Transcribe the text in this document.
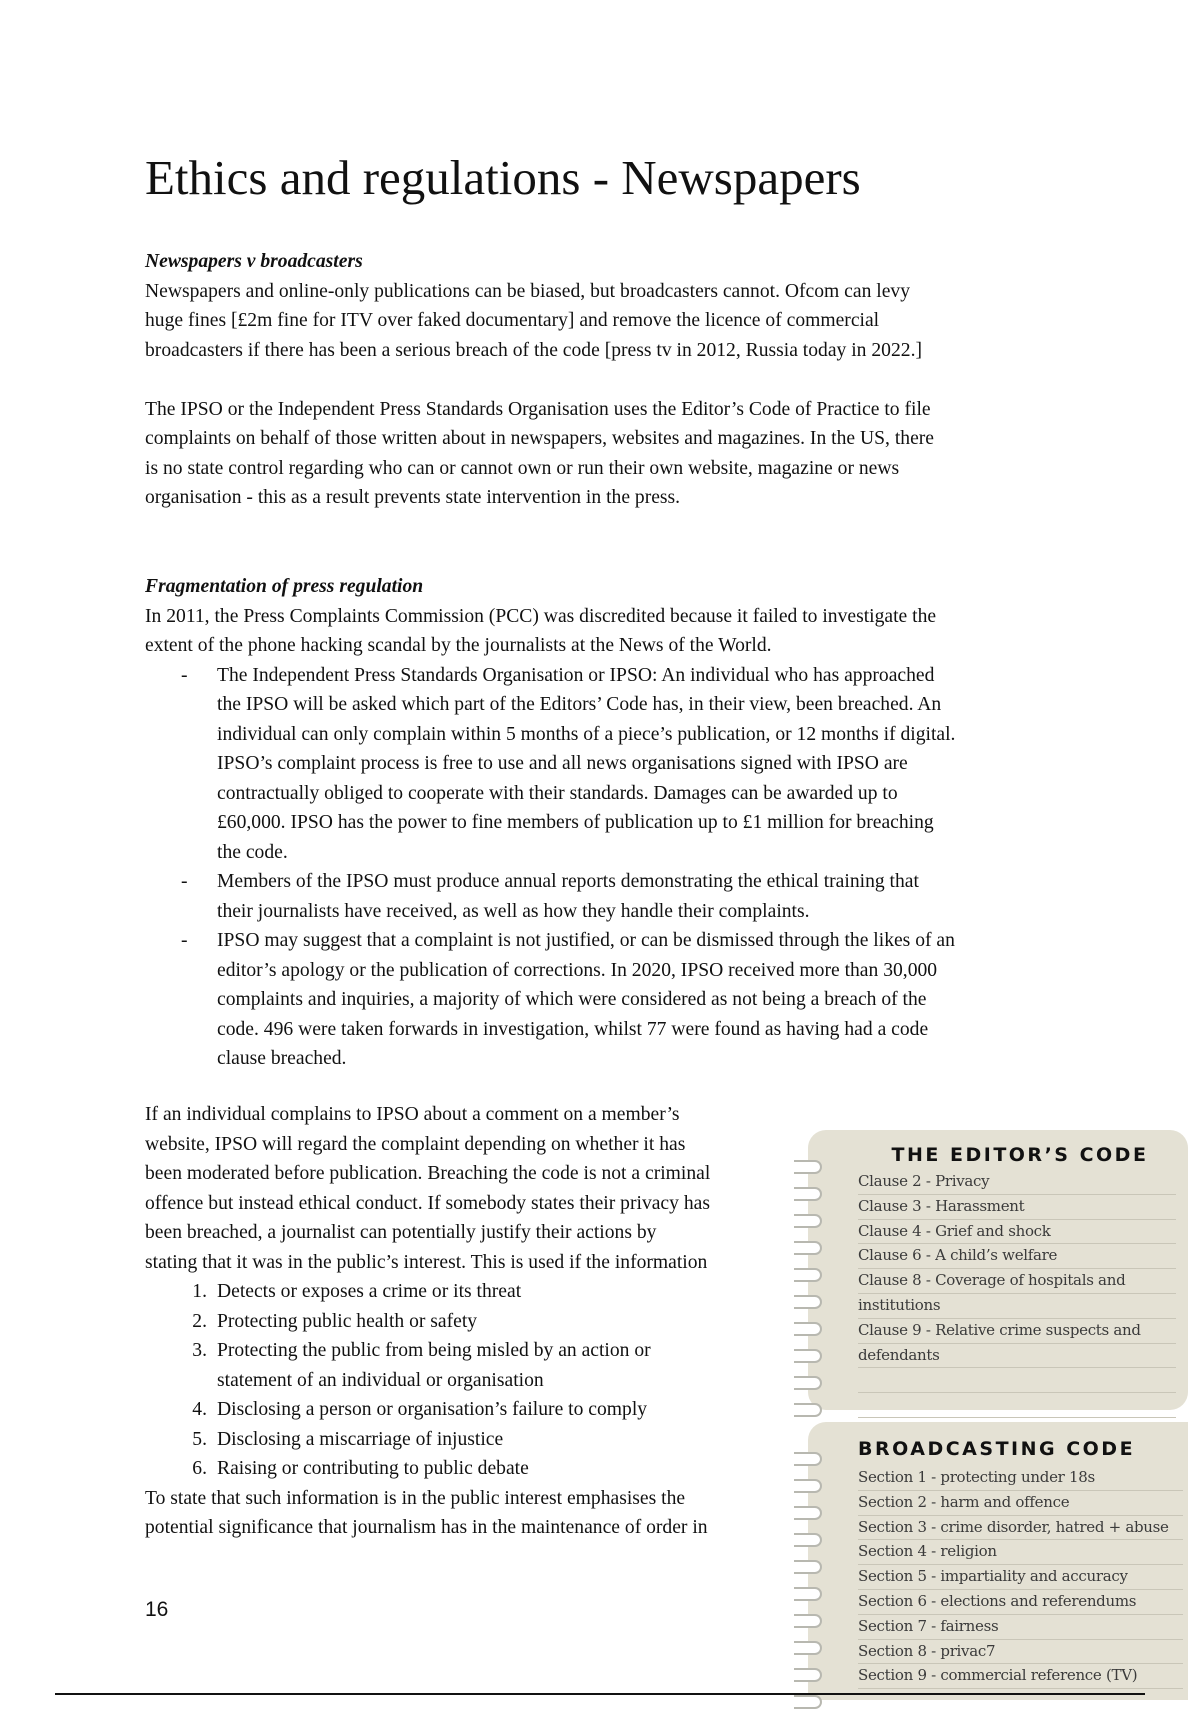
Ethics and regulations - Newspapers

Newspapers v broadcasters

Newspapers and online-only publications can be biased, but broadcasters cannot. Ofcom can levy
huge fines [£2m fine for ITV over faked documentary] and remove the licence of commercial
broadcasters if there has been a serious breach of the code [press tv in 2012, Russia today in 2022.]

The IPSO or the Independent Press Standards Organisation uses the Editor’s Code of Practice to file
complaints on behalf of those written about in newspapers, websites and magazines. In the US, there
is no state control regarding who can or cannot own or run their own website, magazine or news
organisation - this as a result prevents state intervention in the press.

Fragmentation of press regulation

In 2011, the Press Complaints Commission (PCC) was discredited because it failed to investigate the
extent of the phone hacking scandal by the journalists at the News of the World.

- The Independent Press Standards Organisation or IPSO: An individual who has approached
the IPSO will be asked which part of the Editors’ Code has, in their view, been breached. An
individual can only complain within 5 months of a piece’s publication, or 12 months if digital.
IPSO’s complaint process is free to use and all news organisations signed with IPSO are
contractually obliged to cooperate with their standards. Damages can be awarded up to
£60,000. IPSO has the power to fine members of publication up to £1 million for breaching
the code.
- Members of the IPSO must produce annual reports demonstrating the ethical training that
their journalists have received, as well as how they handle their complaints.
- IPSO may suggest that a complaint is not justified, or can be dismissed through the likes of an
editor’s apology or the publication of corrections. In 2020, IPSO received more than 30,000
complaints and inquiries, a majority of which were considered as not being a breach of the
code. 496 were taken forwards in investigation, whilst 77 were found as having had a code
clause breached.

If an individual complains to IPSO about a comment on a member’s
website, IPSO will regard the complaint depending on whether it has
been moderated before publication. Breaching the code is not a criminal
offence but instead ethical conduct. If somebody states their privacy has
been breached, a journalist can potentially justify their actions by
stating that it was in the public’s interest. This is used if the information

1. Detects or exposes a crime or its threat
2. Protecting public health or safety
3. Protecting the public from being misled by an action or
statement of an individual or organisation
4. Disclosing a person or organisation’s failure to comply
5. Disclosing a miscarriage of injustice
6. Raising or contributing to public debate

To state that such information is in the public interest emphasises the
potential significance that journalism has in the maintenance of order in

THE EDITOR’S CODE

Clause 2 - Privacy
Clause 3 - Harassment
Clause 4 - Grief and shock
Clause 6 - A child’s welfare
Clause 8 - Coverage of hospitals and
institutions
Clause 9 - Relative crime suspects and
defendants

BROADCASTING CODE

Section 1 - protecting under 18s
Section 2 - harm and offence
Section 3 - crime disorder, hatred + abuse
Section 4 - religion
Section 5 - impartiality and accuracy
Section 6 - elections and referendums
Section 7 - fairness
Section 8 - privac7
Section 9 - commercial reference (TV)
16
